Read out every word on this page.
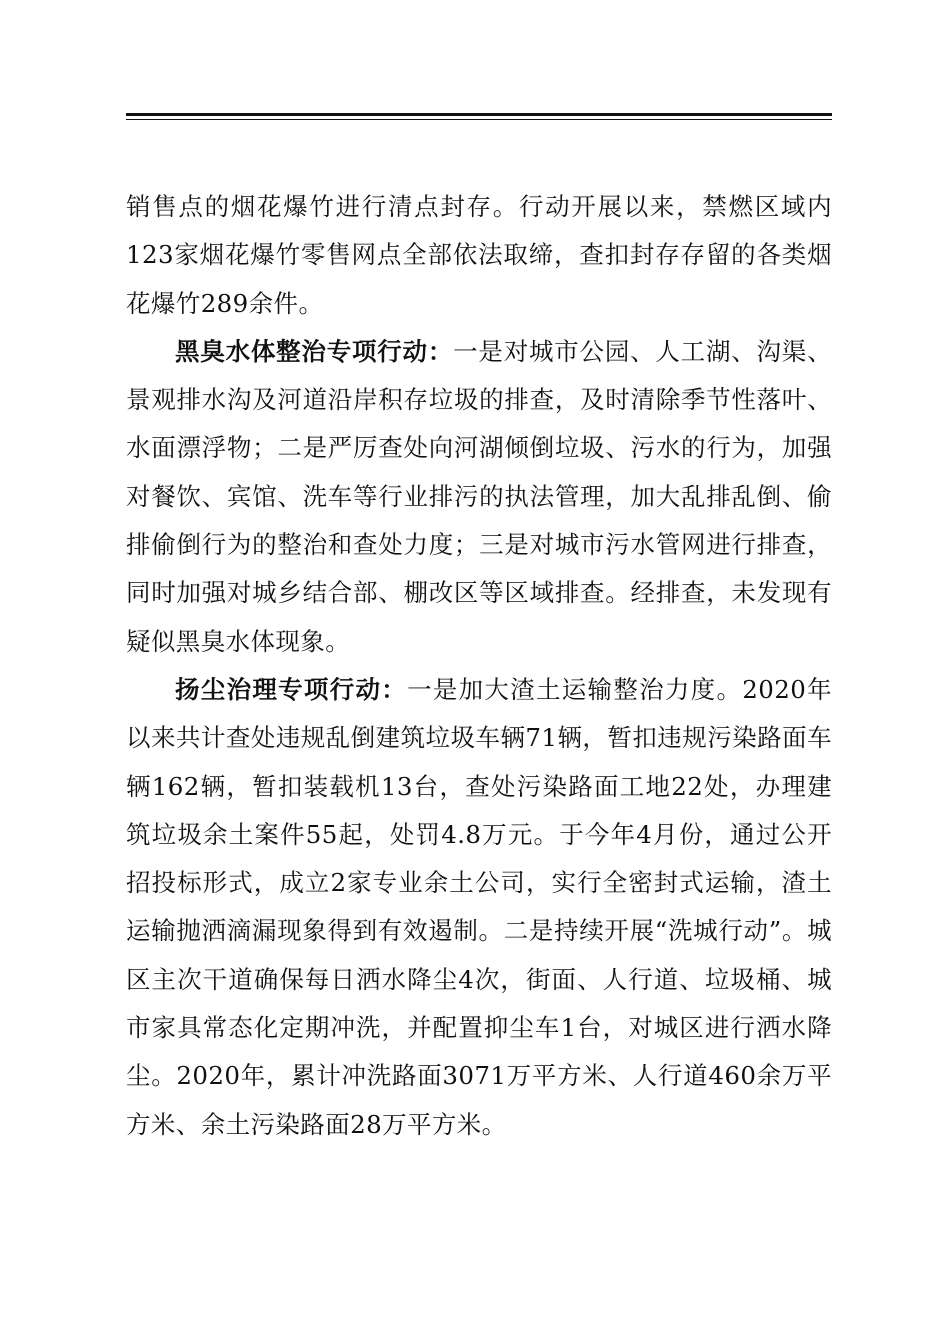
销售点的烟花爆竹进行清点封存。行动开展以来，禁燃区域内123家烟花爆竹零售网点全部依法取缔，查扣封存存留的各类烟花爆竹289余件。

黑臭水体整治专项行动：一是对城市公园、人工湖、沟渠、景观排水沟及河道沿岸积存垃圾的排查，及时清除季节性落叶、水面漂浮物；二是严厉查处向河湖倾倒垃圾、污水的行为，加强对餐饮、宾馆、洗车等行业排污的执法管理，加大乱排乱倒、偷排偷倒行为的整治和查处力度；三是对城市污水管网进行排查，同时加强对城乡结合部、棚改区等区域排查。经排查，未发现有疑似黑臭水体现象。

扬尘治理专项行动：一是加大渣土运输整治力度。2020年以来共计查处违规乱倒建筑垃圾车辆71辆，暂扣违规污染路面车辆162辆，暂扣装载机13台，查处污染路面工地22处，办理建筑垃圾余土案件55起，处罚4.8万元。于今年4月份，通过公开招投标形式，成立2家专业余土公司，实行全密封式运输，渣土运输抛洒滴漏现象得到有效遏制。二是持续开展“洗城行动”。城区主次干道确保每日洒水降尘4次，街面、人行道、垃圾桶、城市家具常态化定期冲洗，并配置抑尘车1台，对城区进行洒水降尘。2020年，累计冲洗路面3071万平方米、人行道460余万平方米、余土污染路面28万平方米。
